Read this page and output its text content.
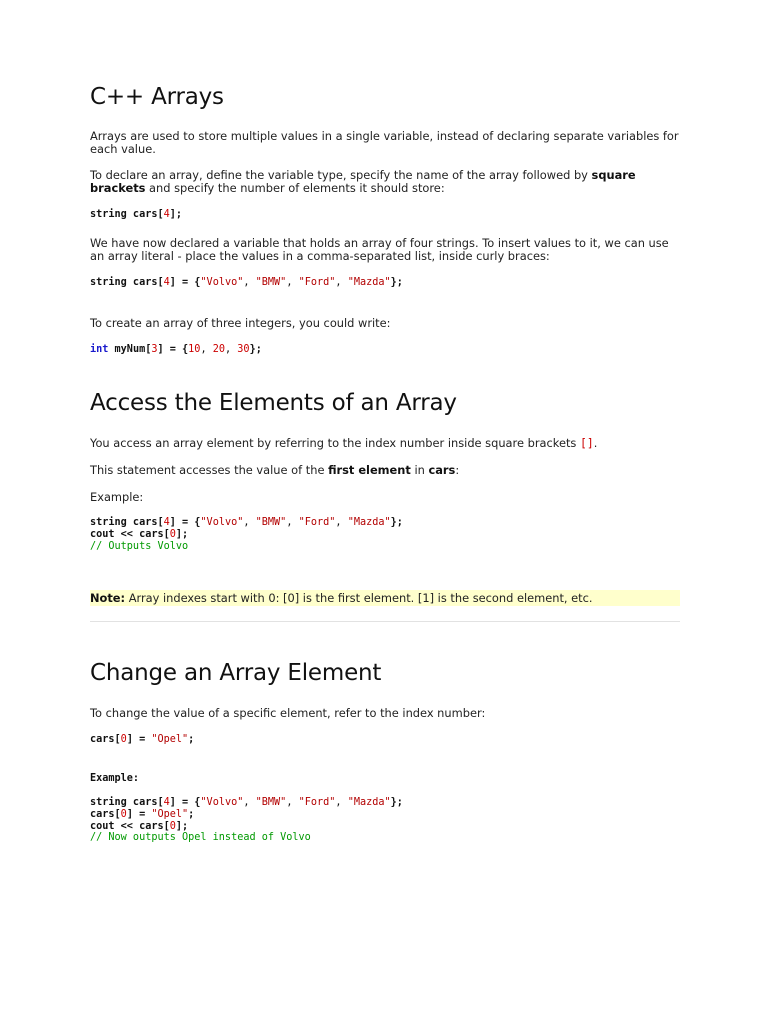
C++ Arrays

Arrays are used to store multiple values in a single variable, instead of declaring separate variables for each value.

To declare an array, define the variable type, specify the name of the array followed by square brackets and specify the number of elements it should store:

string cars[4];

We have now declared a variable that holds an array of four strings. To insert values to it, we can use an array literal - place the values in a comma-separated list, inside curly braces:

string cars[4] = {"Volvo", "BMW", "Ford", "Mazda"};

To create an array of three integers, you could write:

int myNum[3] = {10, 20, 30};
Access the Elements of an Array

You access an array element by referring to the index number inside square brackets [].

This statement accesses the value of the first element in cars:

Example:

string cars[4] = {"Volvo", "BMW", "Ford", "Mazda"};
cout << cars[0];
// Outputs Volvo
Note: Array indexes start with 0: [0] is the first element. [1] is the second element, etc.
Change an Array Element

To change the value of a specific element, refer to the index number:

cars[0] = "Opel";
Example:
string cars[4] = {"Volvo", "BMW", "Ford", "Mazda"};
cars[0] = "Opel";
cout << cars[0];
// Now outputs Opel instead of Volvo
